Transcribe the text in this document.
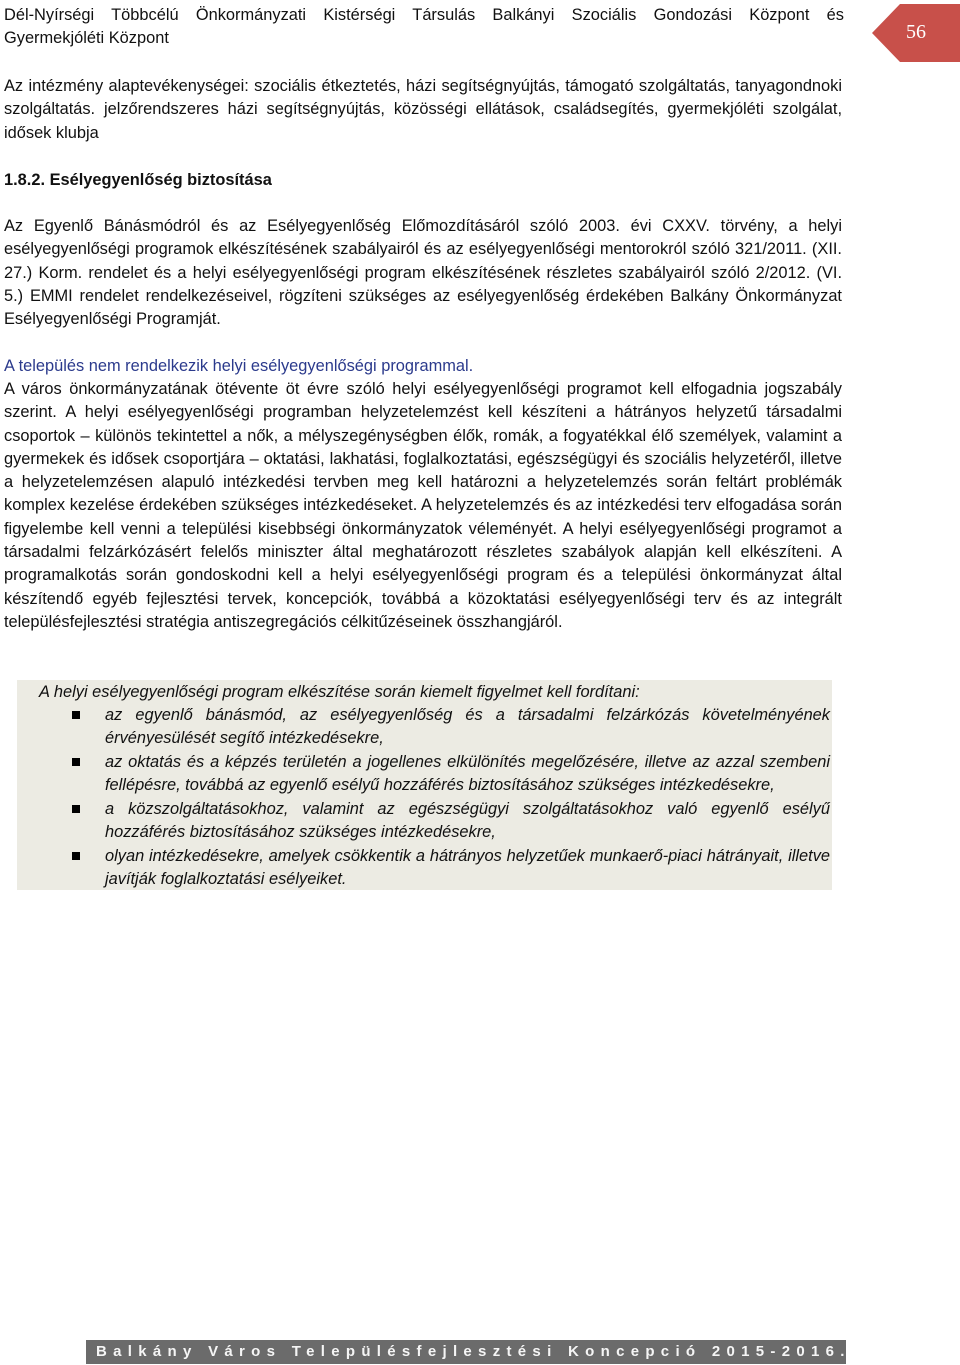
Dél-Nyírségi Többcélú Önkormányzati Kistérségi Társulás Balkányi Szociális Gondozási Központ és
Gyermekjóléti Központ	56
Az intézmény alaptevékenységei: szociális étkeztetés, házi segítségnyújtás, támogató szolgáltatás, tanyagondnoki szolgáltatás. jelzőrendszeres házi segítségnyújtás, közösségi ellátások, családsegítés, gyermekjóléti szolgálat, idősek klubja
1.8.2. Esélyegyenlőség biztosítása
Az Egyenlő Bánásmódról és az Esélyegyenlőség Előmozdításáról szóló 2003. évi CXXV. törvény, a helyi esélyegyenlőségi programok elkészítésének szabályairól és az esélyegyenlőségi mentorokról szóló 321/2011. (XII. 27.) Korm. rendelet és a helyi esélyegyenlőségi program elkészítésének részletes szabályairól szóló 2/2012. (VI. 5.) EMMI rendelet rendelkezéseivel, rögzíteni szükséges az esélyegyenlőség érdekében Balkány Önkormányzat Esélyegyenlőségi Programját.
A település nem rendelkezik helyi esélyegyenlőségi programmal.
A város önkormányzatának ötévente öt évre szóló helyi esélyegyenlőségi programot kell elfogadnia jogszabály szerint. A helyi esélyegyenlőségi programban helyzetelemzést kell készíteni a hátrányos helyzetű társadalmi csoportok – különös tekintettel a nők, a mélyszegénységben élők, romák, a fogyatékkal élő személyek, valamint a gyermekek és idősek csoportjára – oktatási, lakhatási, foglalkoztatási, egészségügyi és szociális helyzetéről, illetve a helyzetelemzésen alapuló intézkedési tervben meg kell határozni a helyzetelemzés során feltárt problémák komplex kezelése érdekében szükséges intézkedéseket. A helyzetelemzés és az intézkedési terv elfogadása során figyelembe kell venni a települési kisebbségi önkormányzatok véleményét. A helyi esélyegyenlőségi programot a társadalmi felzárkózásért felelős miniszter által meghatározott részletes szabályok alapján kell elkészíteni. A programalkotás során gondoskodni kell a helyi esélyegyenlőségi program és a települési önkormányzat által készítendő egyéb fejlesztési tervek, koncepciók, továbbá a közoktatási esélyegyenlőségi terv és az integrált településfejlesztési stratégia antiszegregációs célkitűzéseinek összhangjáról.
A helyi esélyegyenlőségi program elkészítése során kiemelt figyelmet kell fordítani:
az egyenlő bánásmód, az esélyegyenlőség és a társadalmi felzárkózás követelményének érvényesülését segítő intézkedésekre,
az oktatás és a képzés területén a jogellenes elkülönítés megelőzésére, illetve az azzal szembeni fellépésre, továbbá az egyenlő esélyű hozzáférés biztosításához szükséges intézkedésekre,
a közszolgáltatásokhoz, valamint az egészségügyi szolgáltatásokhoz való egyenlő esélyű hozzáférés biztosításához szükséges intézkedésekre,
olyan intézkedésekre, amelyek csökkentik a hátrányos helyzetűek munkaerő-piaci hátrányait, illetve javítják foglalkoztatási esélyeiket.
Balkány Város Településfejlesztési Koncepció 2015-2016.
